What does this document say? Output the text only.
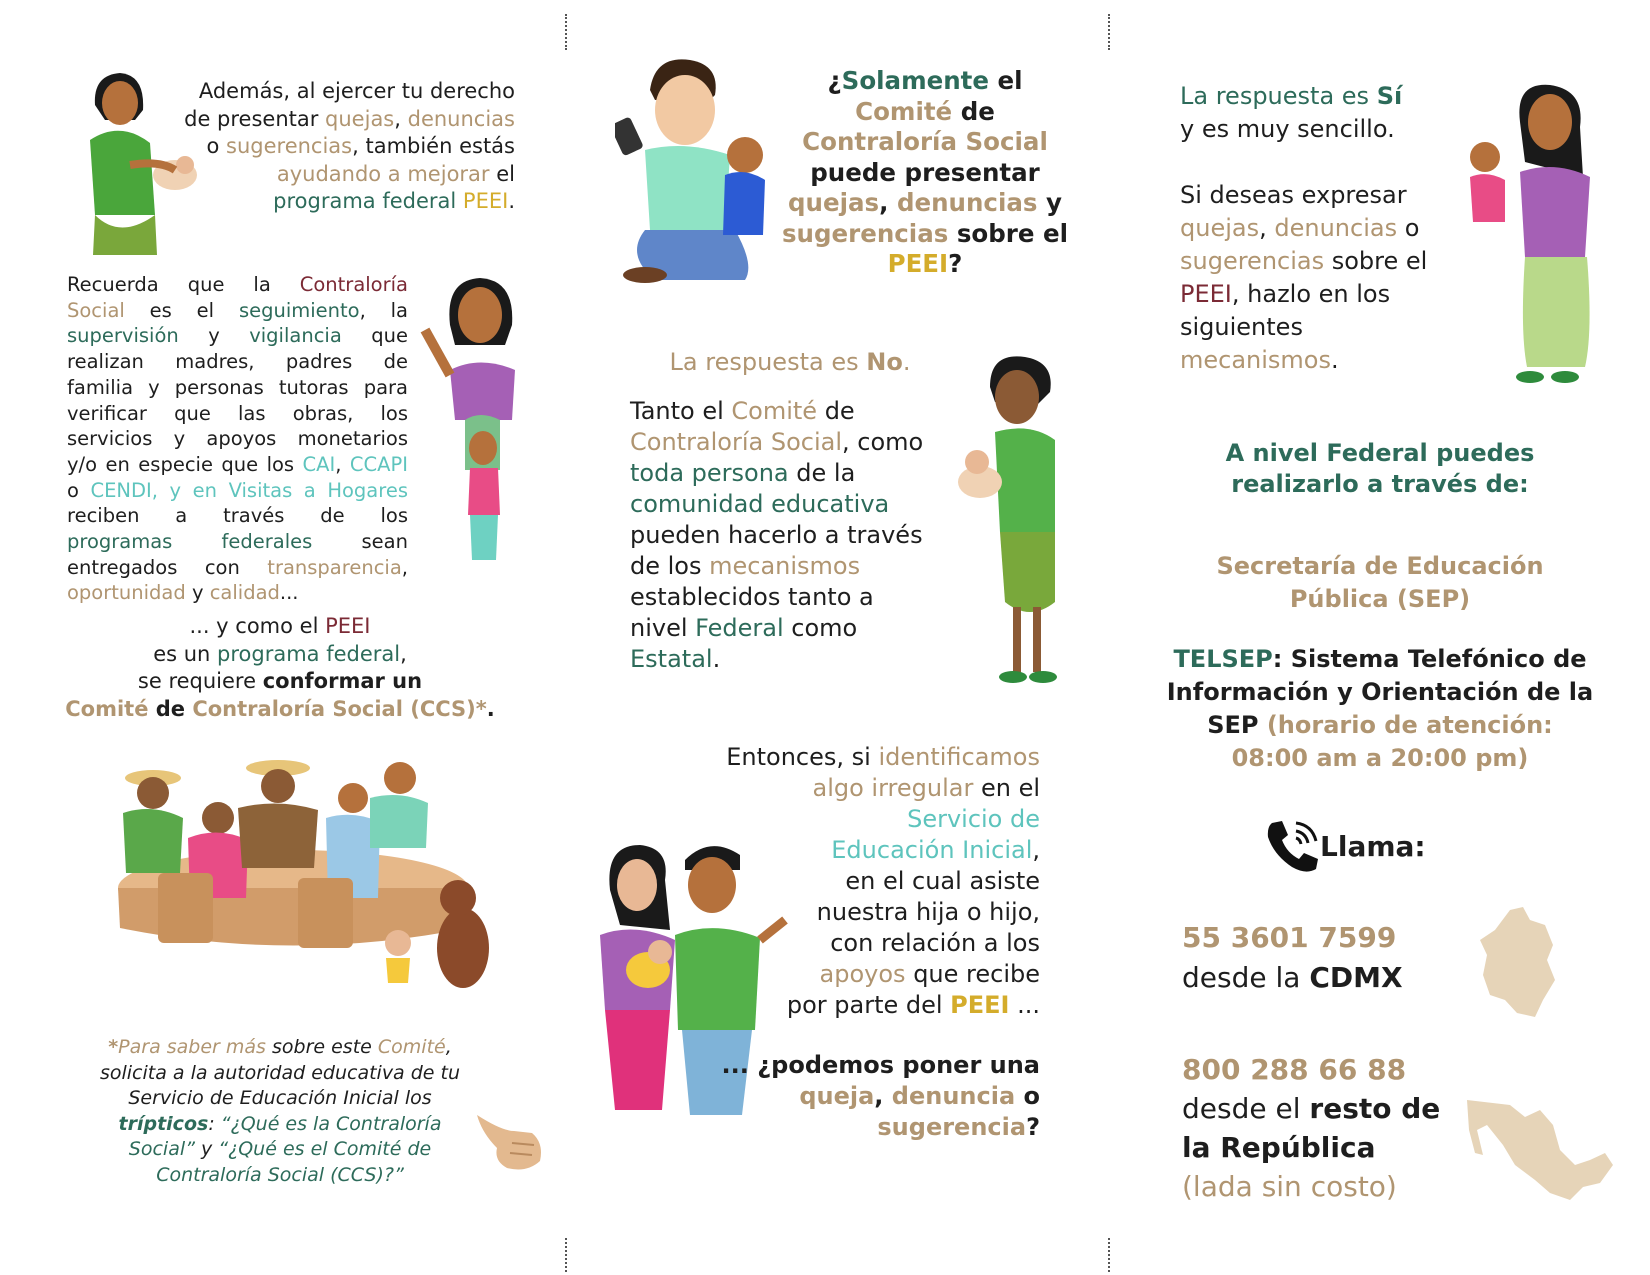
Además, al ejercer tu derecho
de presentar quejas, denuncias
o sugerencias, también estás
ayudando a mejorar el
programa federal PEEI.
Recuerda que la Contraloría
Social es el seguimiento, la
supervisión y vigilancia que
realizan madres, padres de
familia y personas tutoras para
verificar que las obras, los
servicios y apoyos monetarios
y/o en especie que los CAI, CCAPI
o CENDI, y en Visitas a Hogares
reciben a través de los
programas federales sean
entregados con transparencia,
oportunidad y calidad...
... y como el PEEI
es un programa federal,
se requiere conformar un
Comité de Contraloría Social (CCS)*.
*Para saber más sobre este Comité,
solicita a la autoridad educativa de tu
Servicio de Educación Inicial los
trípticos: “¿Qué es la Contraloría
Social” y “¿Qué es el Comité de
Contraloría Social (CCS)?”
¿Solamente el
Comité de
Contraloría Social
puede presentar
quejas, denuncias y
sugerencias sobre el
PEEI?
La respuesta es No.
Tanto el Comité de
Contraloría Social, como
toda persona de la
comunidad educativa
pueden hacerlo a través
de los mecanismos
establecidos tanto a
nivel Federal como
Estatal.
Entonces, si identificamos
algo irregular en el
Servicio de
Educación Inicial,
en el cual asiste
nuestra hija o hijo,
con relación a los
apoyos que recibe
por parte del PEEI ...
... ¿podemos poner una
queja, denuncia o
sugerencia?
La respuesta es Sí
y es muy sencillo.
Si deseas expresar
quejas, denuncias o
sugerencias sobre el
PEEI, hazlo en los
siguientes
mecanismos.
A nivel Federal puedes
realizarlo a través de:
Secretaría de Educación
Pública (SEP)
TELSEP: Sistema Telefónico de
Información y Orientación de la
SEP (horario de atención:
08:00 am a 20:00 pm)
Llama:
55 3601 7599
desde la CDMX
800 288 66 88
desde el resto de
la República
(lada sin costo)
